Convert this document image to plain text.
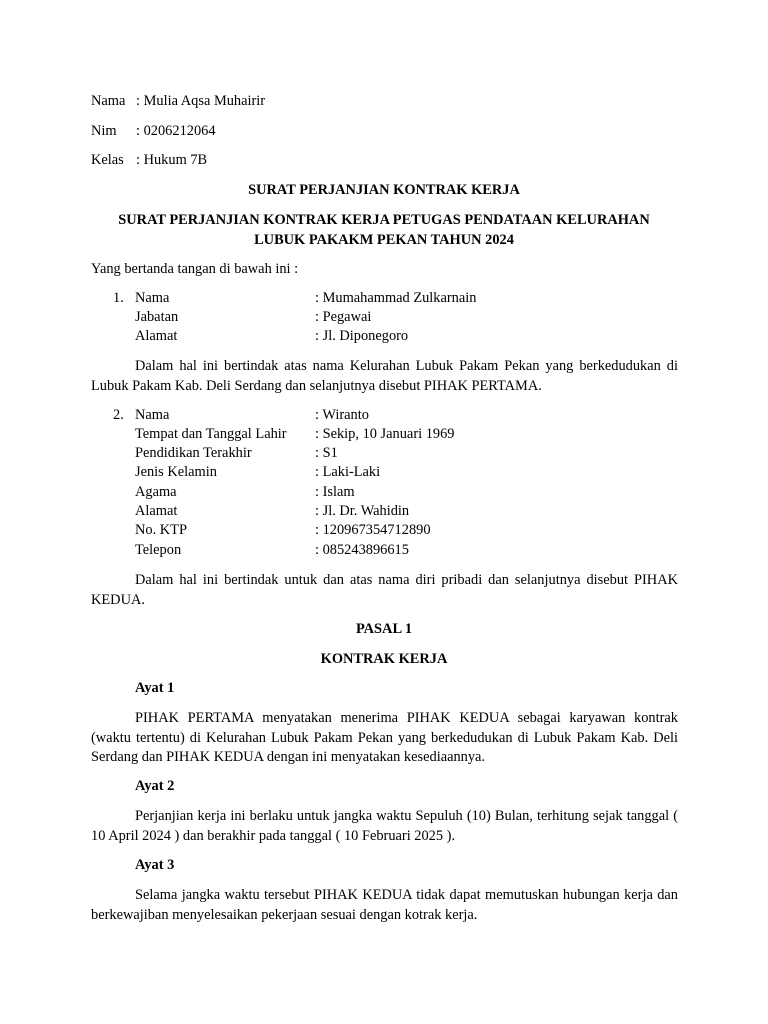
Nama : Mulia Aqsa Muhairir
Nim : 0206212064
Kelas : Hukum 7B
SURAT PERJANJIAN KONTRAK KERJA
SURAT PERJANJIAN KONTRAK KERJA PETUGAS PENDATAAN KELURAHAN
LUBUK PAKAKM PEKAN TAHUN 2024
Yang bertanda tangan di bawah ini :
1. Nama	: Mumahammad Zulkarnain
Jabatan	: Pegawai
Alamat	: Jl. Diponegoro
Dalam hal ini bertindak atas nama Kelurahan Lubuk Pakam Pekan yang berkedudukan di Lubuk Pakam Kab. Deli Serdang dan selanjutnya disebut PIHAK PERTAMA.
2. Nama	: Wiranto
Tempat dan Tanggal Lahir : Sekip, 10 Januari 1969
Pendidikan Terakhir	: S1
Jenis Kelamin	: Laki-Laki
Agama	: Islam
Alamat	: Jl. Dr. Wahidin
No. KTP	: 120967354712890
Telepon	: 085243896615
Dalam hal ini bertindak untuk dan atas nama diri pribadi dan selanjutnya disebut PIHAK KEDUA.
PASAL 1
KONTRAK KERJA
Ayat 1
PIHAK PERTAMA menyatakan menerima PIHAK KEDUA sebagai karyawan kontrak (waktu tertentu) di Kelurahan Lubuk Pakam Pekan yang berkedudukan di Lubuk Pakam Kab. Deli Serdang dan PIHAK KEDUA dengan ini menyatakan kesediaannya.
Ayat 2
Perjanjian kerja ini berlaku untuk jangka waktu Sepuluh (10) Bulan, terhitung sejak tanggal ( 10 April 2024 ) dan berakhir pada tanggal ( 10 Februari 2025 ).
Ayat 3
Selama jangka waktu tersebut PIHAK KEDUA tidak dapat memutuskan hubungan kerja dan berkewajiban menyelesaikan pekerjaan sesuai dengan kotrak kerja.
